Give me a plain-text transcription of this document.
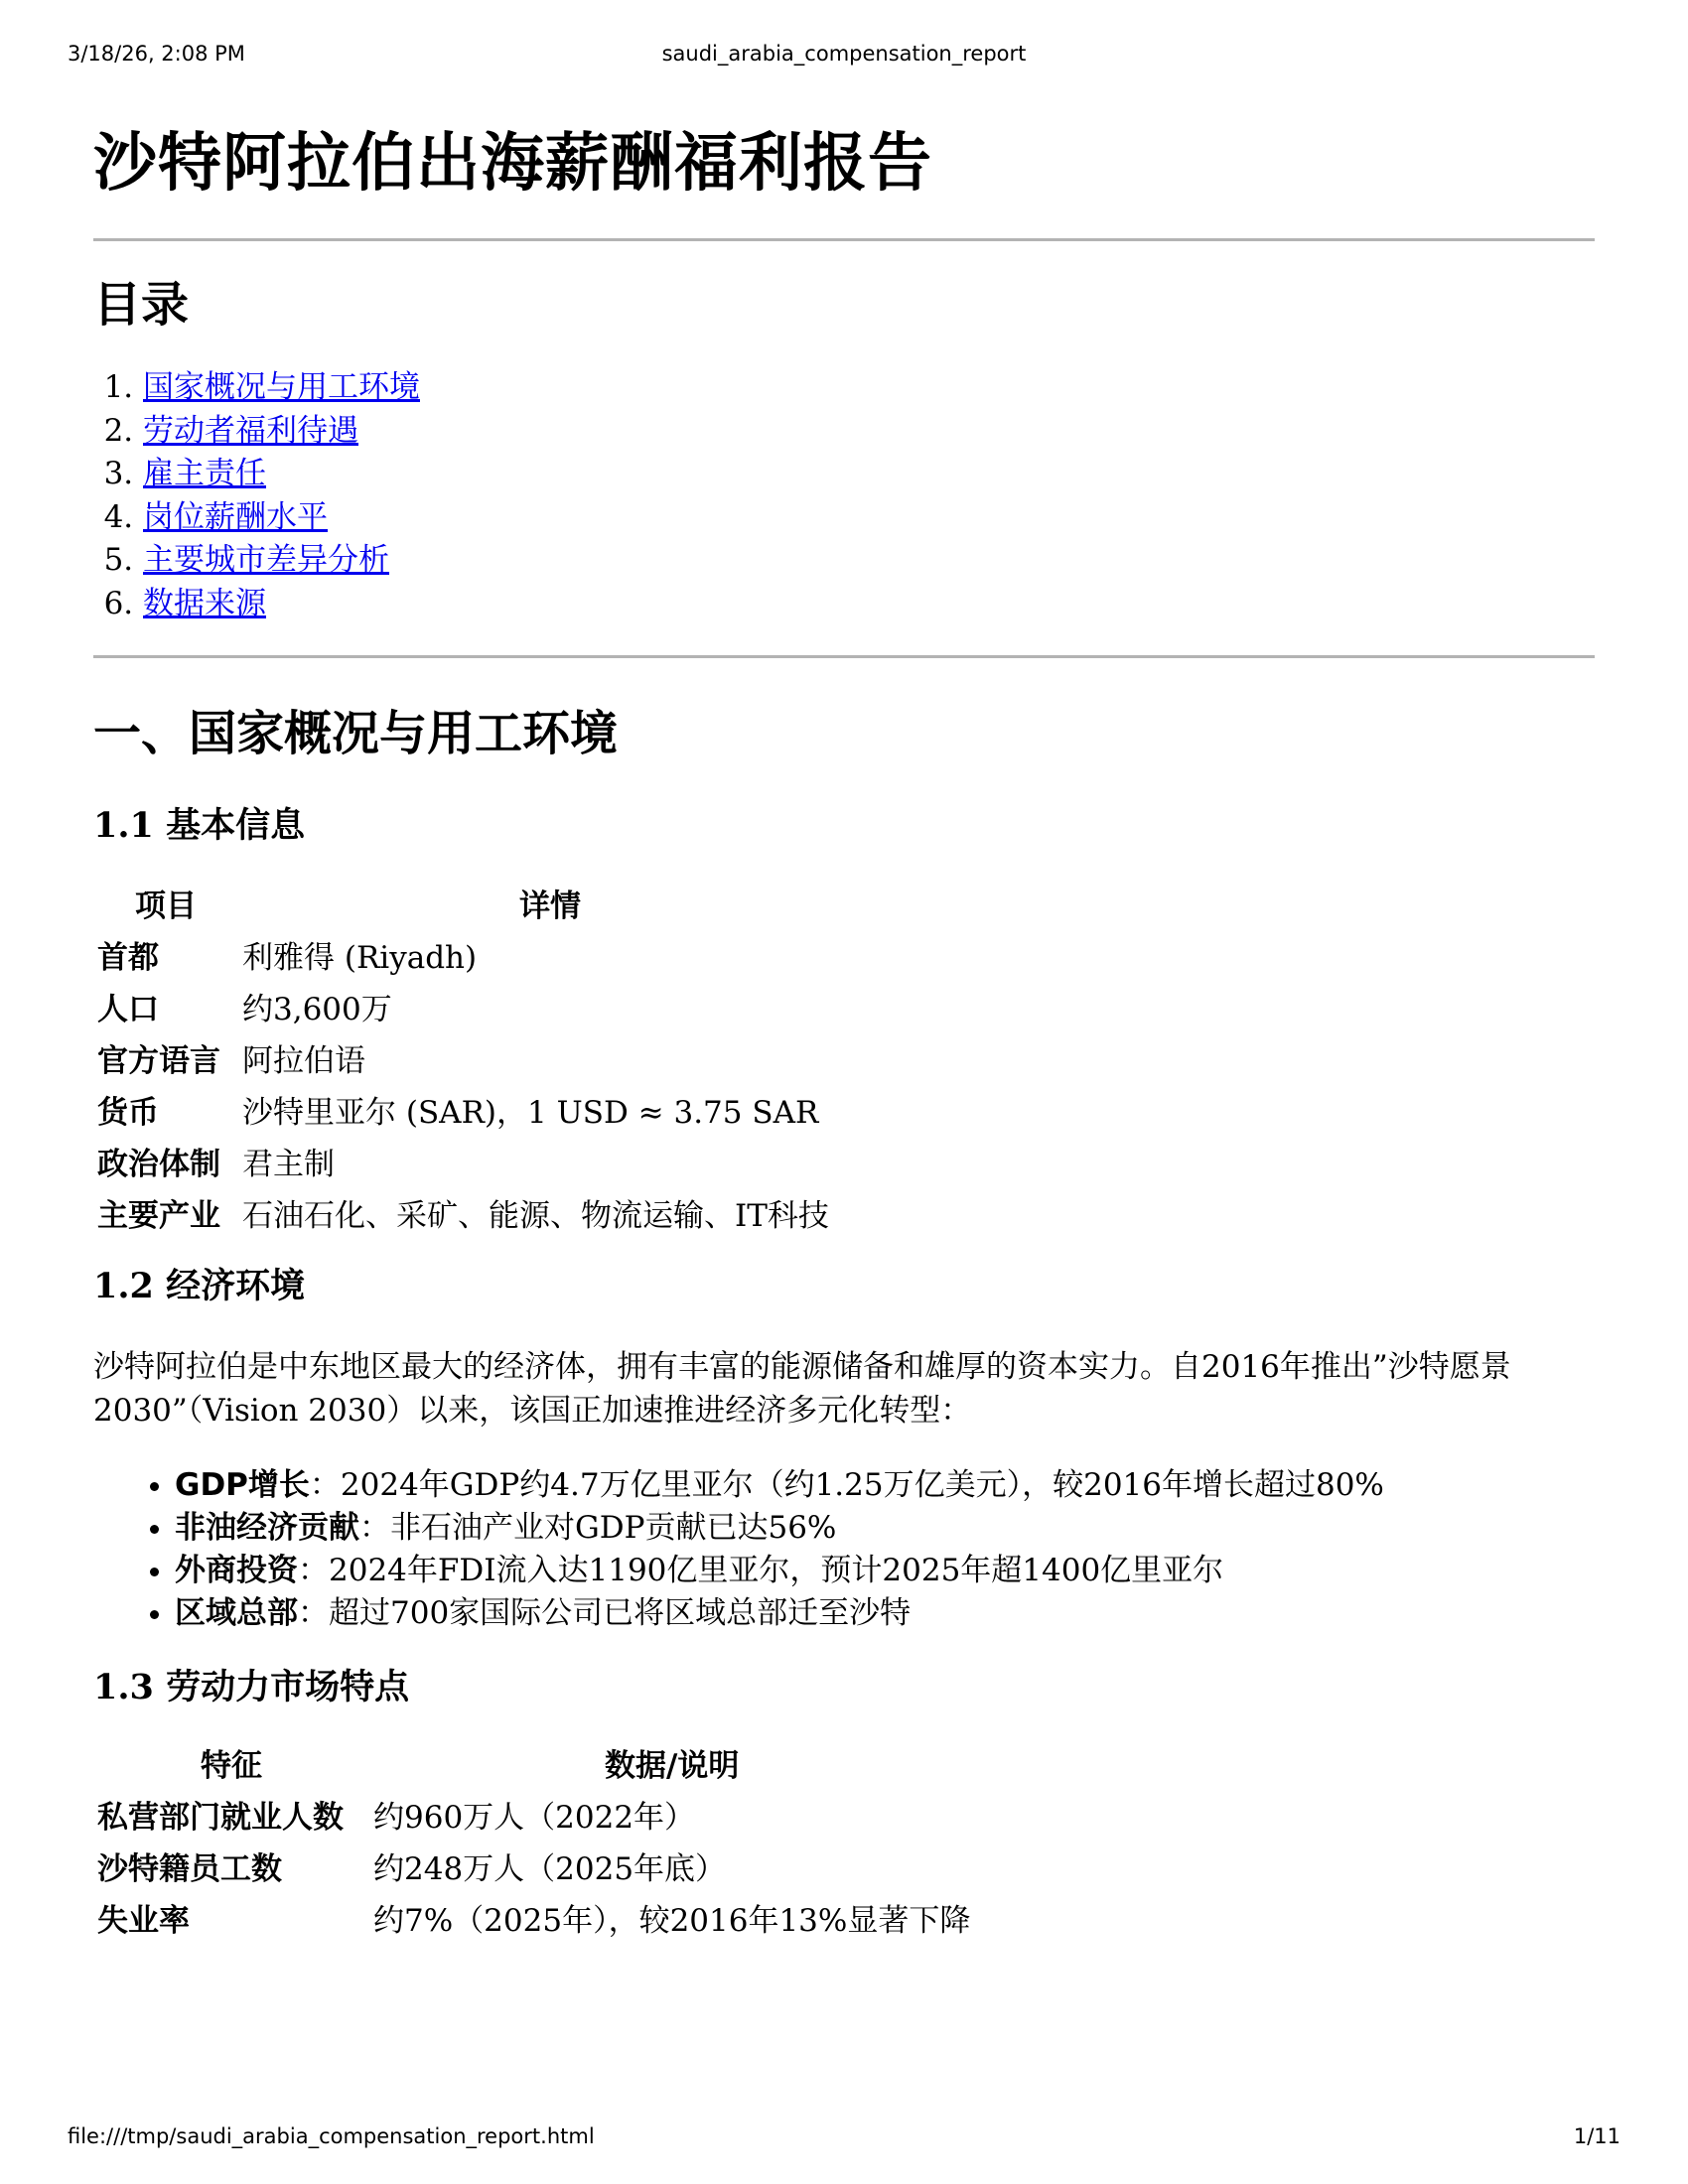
3/18/26, 2:08 PM	saudi_arabia_compensation_report
沙特阿拉伯出海薪酬福利报告
目录
1. 国家概况与用工环境
2. 劳动者福利待遇
3. 雇主责任
4. 岗位薪酬水平
5. 主要城市差异分析
6. 数据来源
一、国家概况与用工环境
1.1 基本信息
项目	详情
首都	利雅得 (Riyadh)
人口	约3,600万
官方语言	阿拉伯语
货币	沙特里亚尔 (SAR)，1 USD ≈ 3.75 SAR
政治体制	君主制
主要产业	石油石化、采矿、能源、物流运输、IT科技
1.2 经济环境

沙特阿拉伯是中东地区最大的经济体，拥有丰富的能源储备和雄厚的资本实力。自2016年推出”沙特愿景2030”（Vision 2030）以来，该国正加速推进经济多元化转型：

• GDP增长：2024年GDP约4.7万亿里亚尔（约1.25万亿美元），较2016年增长超过80%
• 非油经济贡献：非石油产业对GDP贡献已达56%
• 外商投资：2024年FDI流入达1190亿里亚尔，预计2025年超1400亿里亚尔
• 区域总部：超过700家国际公司已将区域总部迁至沙特
1.3 劳动力市场特点
特征	数据/说明
私营部门就业人数	约960万人（2022年）
沙特籍员工数	约248万人（2025年底）
失业率	约7%（2025年），较2016年13%显著下降
file:///tmp/saudi_arabia_compensation_report.html	1/11
